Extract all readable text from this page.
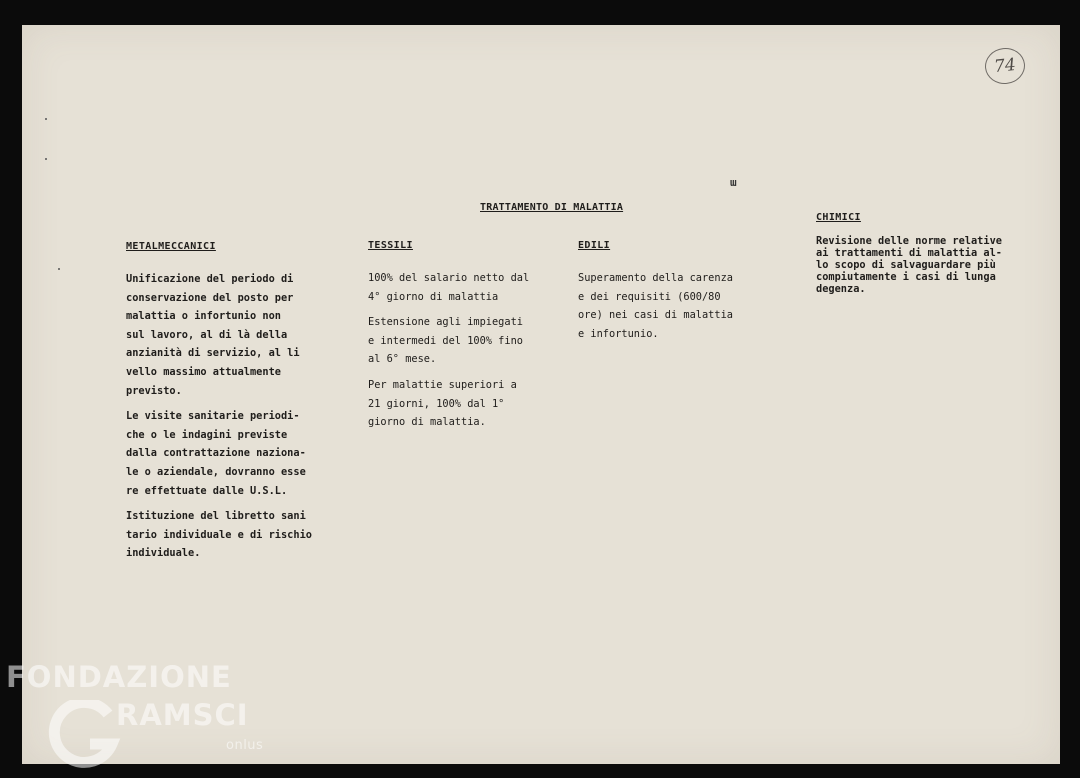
74
ɯ
TRATTAMENTO DI MALATTIA
METALMECCANICI

Unificazione del periodo di
conservazione del posto per
malattia o infortunio non
sul lavoro, al di là della
anzianità di servizio, al li
vello massimo attualmente
previsto.

Le visite sanitarie periodi-
che o le indagini previste
dalla contrattazione naziona-
le o aziendale, dovranno esse
re effettuate dalle U.S.L.

Istituzione del libretto sani
tario individuale e di rischio
individuale.

TESSILI

100% del salario netto dal
4° giorno di malattia

Estensione agli impiegati
e intermedi del 100% fino
al 6° mese.

Per malattie superiori a
21 giorni, 100% dal 1°
giorno di malattia.

EDILI

Superamento della carenza
e dei requisiti (600/80
ore) nei casi di malattia
e infortunio.

CHIMICI

Revisione delle norme relative
ai trattamenti di malattia al-
lo scopo di salvaguardare più
compiutamente i casi di lunga
degenza.

FONDAZIONE
RAMSCI
onlus
